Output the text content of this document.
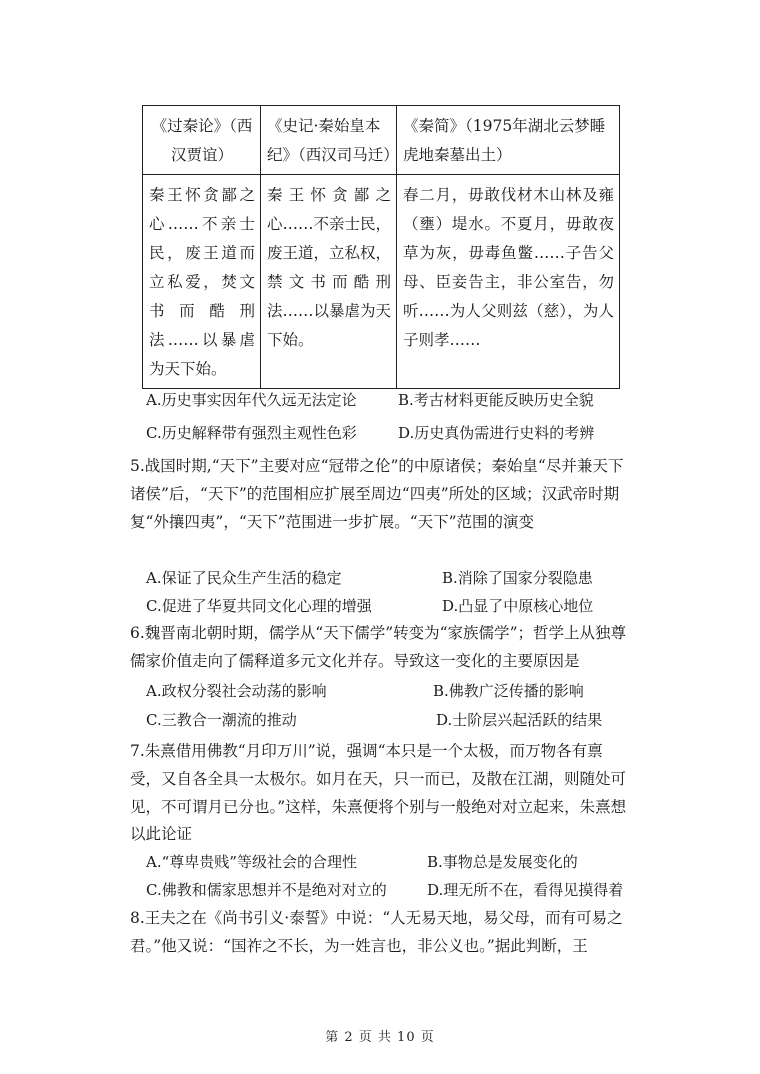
《过秦论》（西汉贾谊）	《史记·秦始皇本纪》（西汉司马迁）	《秦简》（1975年湖北云梦睡虎地秦墓出土）
秦王怀贪鄙之心……不亲士民，废王道而立私爱，焚文书而酷刑法……以暴虐为天下始。	秦王怀贪鄙之心……不亲士民，废王道，立私权，禁文书而酷刑法……以暴虐为天下始。	春二月，毋敢伐材木山林及雍（壅）堤水。不夏月，毋敢夜草为灰，毋毒鱼鳖……子告父母、臣妾告主，非公室告，勿听……为人父则兹（慈），为人子则孝……
A.历史事实因年代久远无法定论	B.考古材料更能反映历史全貌
C.历史解释带有强烈主观性色彩	D.历史真伪需进行史料的考辨
5.战国时期,“天下”主要对应“冠带之伦”的中原诸侯；秦始皇“尽并兼天下诸侯”后，“天下”的范围相应扩展至周边“四夷”所处的区域；汉武帝时期复“外攘四夷”，“天下”范围进一步扩展。“天下”范围的演变
A.保证了民众生产生活的稳定	B.消除了国家分裂隐患
C.促进了华夏共同文化心理的增强	D.凸显了中原核心地位
6.魏晋南北朝时期，儒学从“天下儒学”转变为“家族儒学”；哲学上从独尊儒家价值走向了儒释道多元文化并存。导致这一变化的主要原因是
A.政权分裂社会动荡的影响	B.佛教广泛传播的影响
C.三教合一潮流的推动	D.士阶层兴起活跃的结果
7.朱熹借用佛教“月印万川”说，强调“本只是一个太极，而万物各有禀受，又自各全具一太极尔。如月在天，只一而已，及散在江湖，则随处可见，不可谓月已分也。”这样，朱熹便将个别与一般绝对对立起来，朱熹想以此论证
A.“尊卑贵贱”等级社会的合理性	B.事物总是发展变化的
C.佛教和儒家思想并不是绝对对立的	D.理无所不在，看得见摸得着
8.王夫之在《尚书引义·泰誓》中说：“人无易天地，易父母，而有可易之君。”他又说：“国祚之不长，为一姓言也，非公义也。”据此判断，王
第 2 页 共 10 页
